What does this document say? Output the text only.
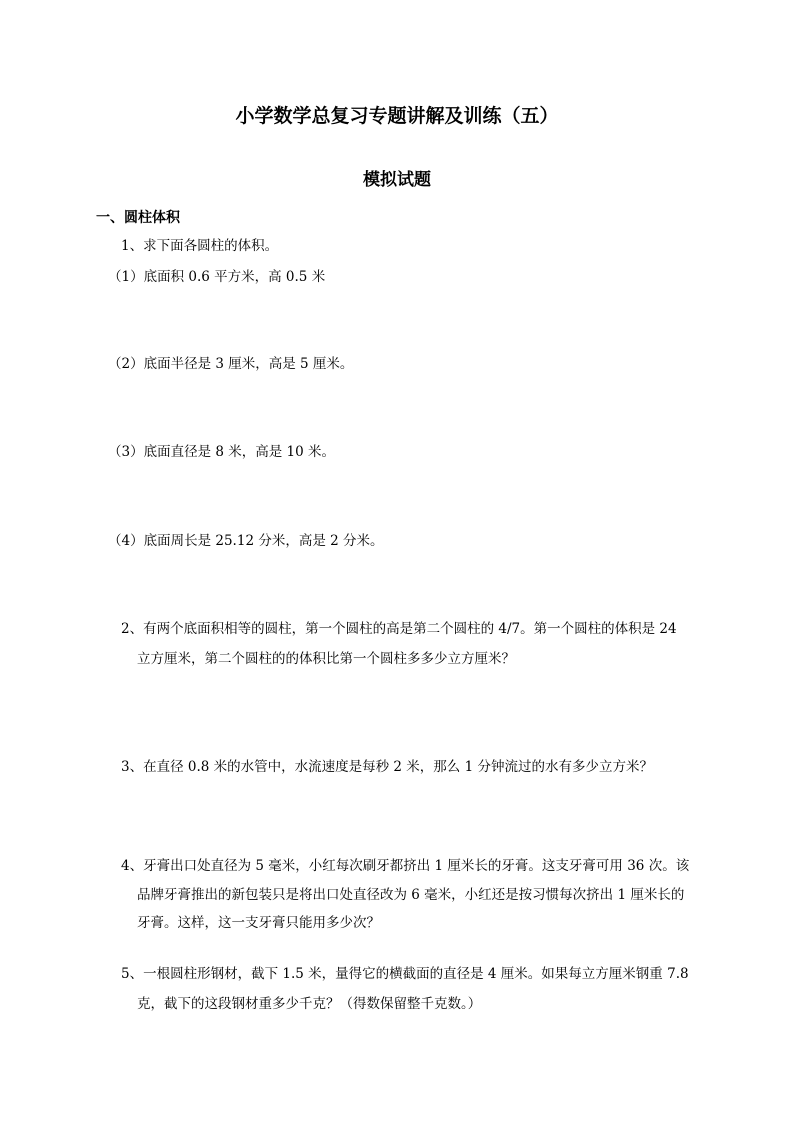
小学数学总复习专题讲解及训练（五）
模拟试题
一、圆柱体积
1、求下面各圆柱的体积。
（1）底面积 0.6 平方米，高 0.5 米
（2）底面半径是 3 厘米，高是 5 厘米。
（3）底面直径是 8 米，高是 10 米。
（4）底面周长是 25.12 分米，高是 2 分米。
2、有两个底面积相等的圆柱，第一个圆柱的高是第二个圆柱的 4/7。第一个圆柱的体积是 24
立方厘米，第二个圆柱的的体积比第一个圆柱多多少立方厘米？
3、在直径 0.8 米的水管中，水流速度是每秒 2 米，那么 1 分钟流过的水有多少立方米？
4、牙膏出口处直径为 5 毫米，小红每次刷牙都挤出 1 厘米长的牙膏。这支牙膏可用 36 次。该
品牌牙膏推出的新包装只是将出口处直径改为 6 毫米，小红还是按习惯每次挤出 1 厘米长的
牙膏。这样，这一支牙膏只能用多少次？
5、一根圆柱形钢材，截下 1.5 米，量得它的横截面的直径是 4 厘米。如果每立方厘米钢重 7.8
克，截下的这段钢材重多少千克？（得数保留整千克数。）
